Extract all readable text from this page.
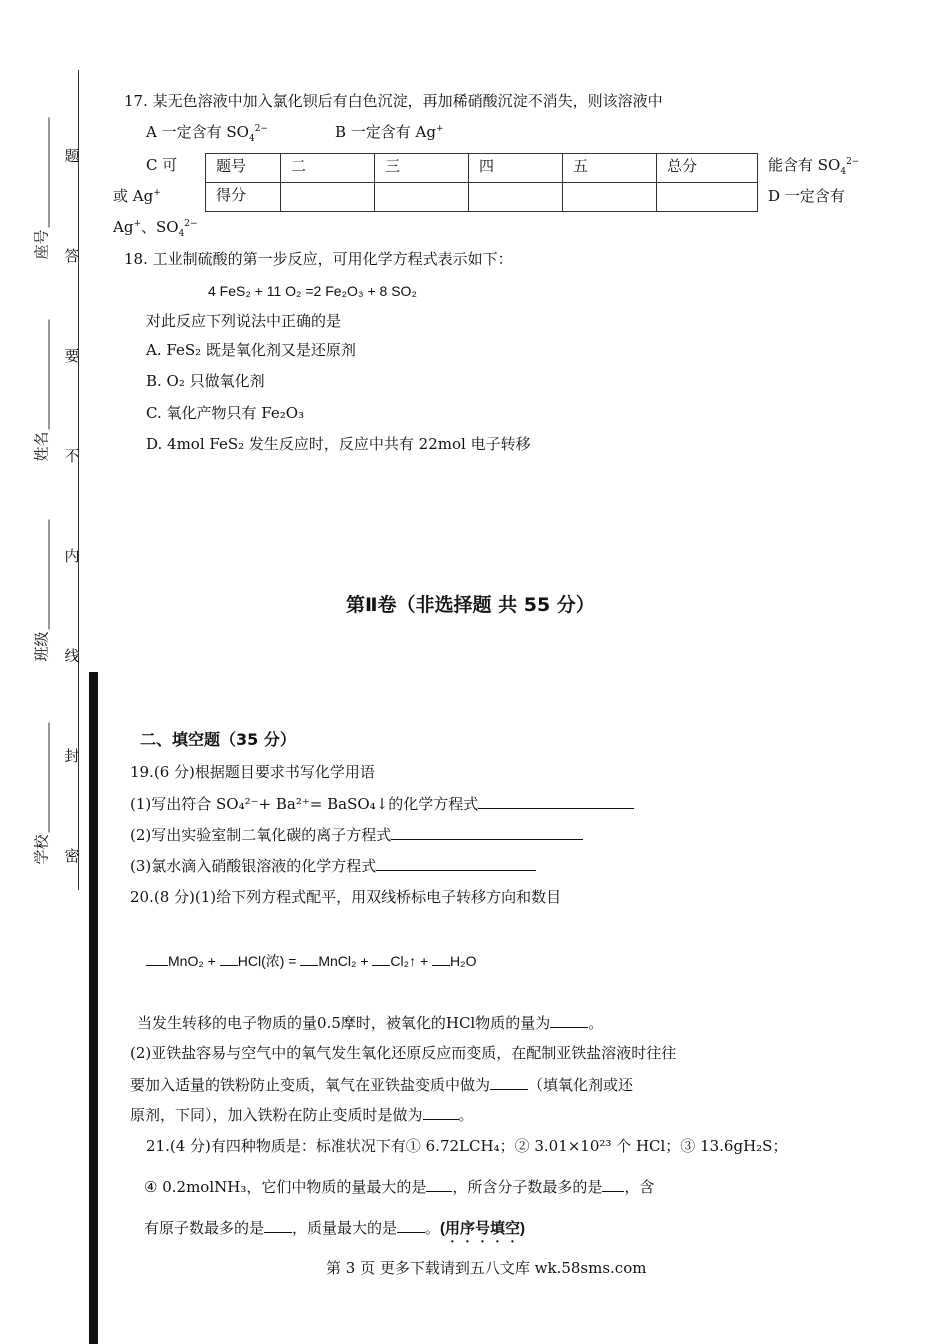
题
答
要
不
内
线
封
密
座号
姓名
班级
学校
17. 某无色溶液中加入氯化钡后有白色沉淀，再加稀硝酸沉淀不消失，则该溶液中
A 一定含有 $SO_4^{2-}$	B 一定含有 Ag+
C 可	能含有 $SO_4^{2-}$
或 Ag+	D 一定含有
Ag+、$SO_4^{2-}$
题号	二	三	四	五	总分
得分					
18. 工业制硫酸的第一步反应，可用化学方程式表示如下：
4 FeS₂ + 11 O₂ =2 Fe₂O₃ + 8 SO₂
对此反应下列说法中正确的是
A. FeS₂ 既是氧化剂又是还原剂
B. O₂ 只做氧化剂
C. 氧化产物只有 Fe₂O₃
D. 4mol FeS₂ 发生反应时，反应中共有 22mol 电子转移
第Ⅱ卷（非选择题 共 55 分）
二、填空题（35 分）
19.(6 分)根据题目要求书写化学用语
(1)写出符合 SO₄²⁻+ Ba²⁺= BaSO₄↓的化学方程式
(2)写出实验室制二氧化碳的离子方程式
(3)氯水滴入硝酸银溶液的化学方程式
20.(8 分)(1)给下列方程式配平，用双线桥标电子转移方向和数目
MnO₂ + HCl(浓) = MnCl₂ + Cl₂↑ + H₂O
当发生转移的电子物质的量0.5摩时，被氧化的HCl物质的量为	。
(2)亚铁盐容易与空气中的氧气发生氧化还原反应而变质，在配制亚铁盐溶液时往往
要加入适量的铁粉防止变质，氧气在亚铁盐变质中做为	（填氧化剂或还
原剂，下同），加入铁粉在防止变质时是做为 。
21.(4 分)有四种物质是：标准状况下有① 6.72LCH₄；② 3.01×10²³ 个 HCl；③ 13.6gH₂S；
④ 0.2molNH₃，它们中物质的量最大的是 ，所含分子数最多的是 ，含
有原子数最多的是 ，质量最大的是 。(用序号填空)
第 3 页 更多下载请到五八文库 wk.58sms.com
